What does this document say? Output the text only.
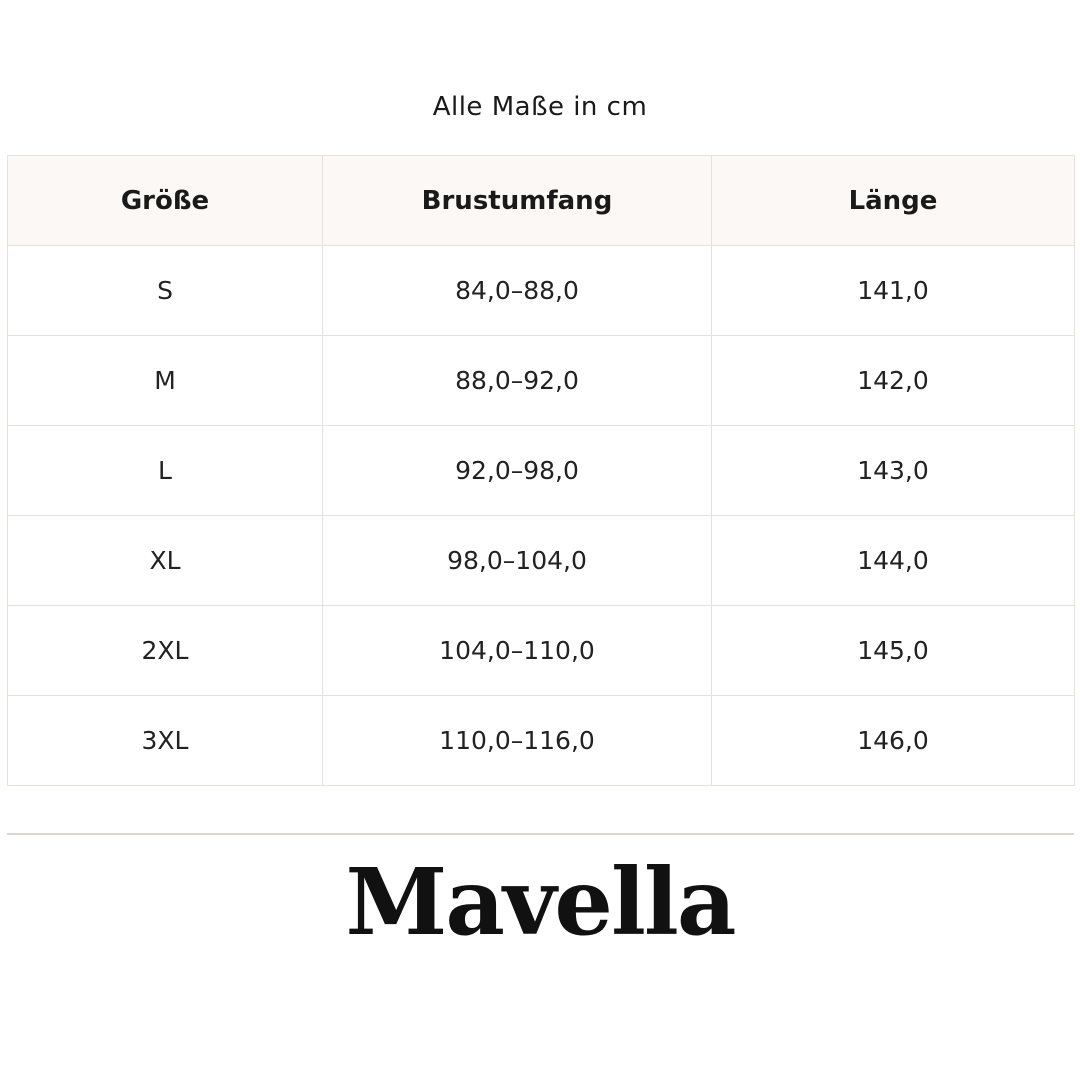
Alle Maße in cm
Größe	Brustumfang	Länge
S	84,0–88,0	141,0
M	88,0–92,0	142,0
L	92,0–98,0	143,0
XL	98,0–104,0	144,0
2XL	104,0–110,0	145,0
3XL	110,0–116,0	146,0
Mavella
